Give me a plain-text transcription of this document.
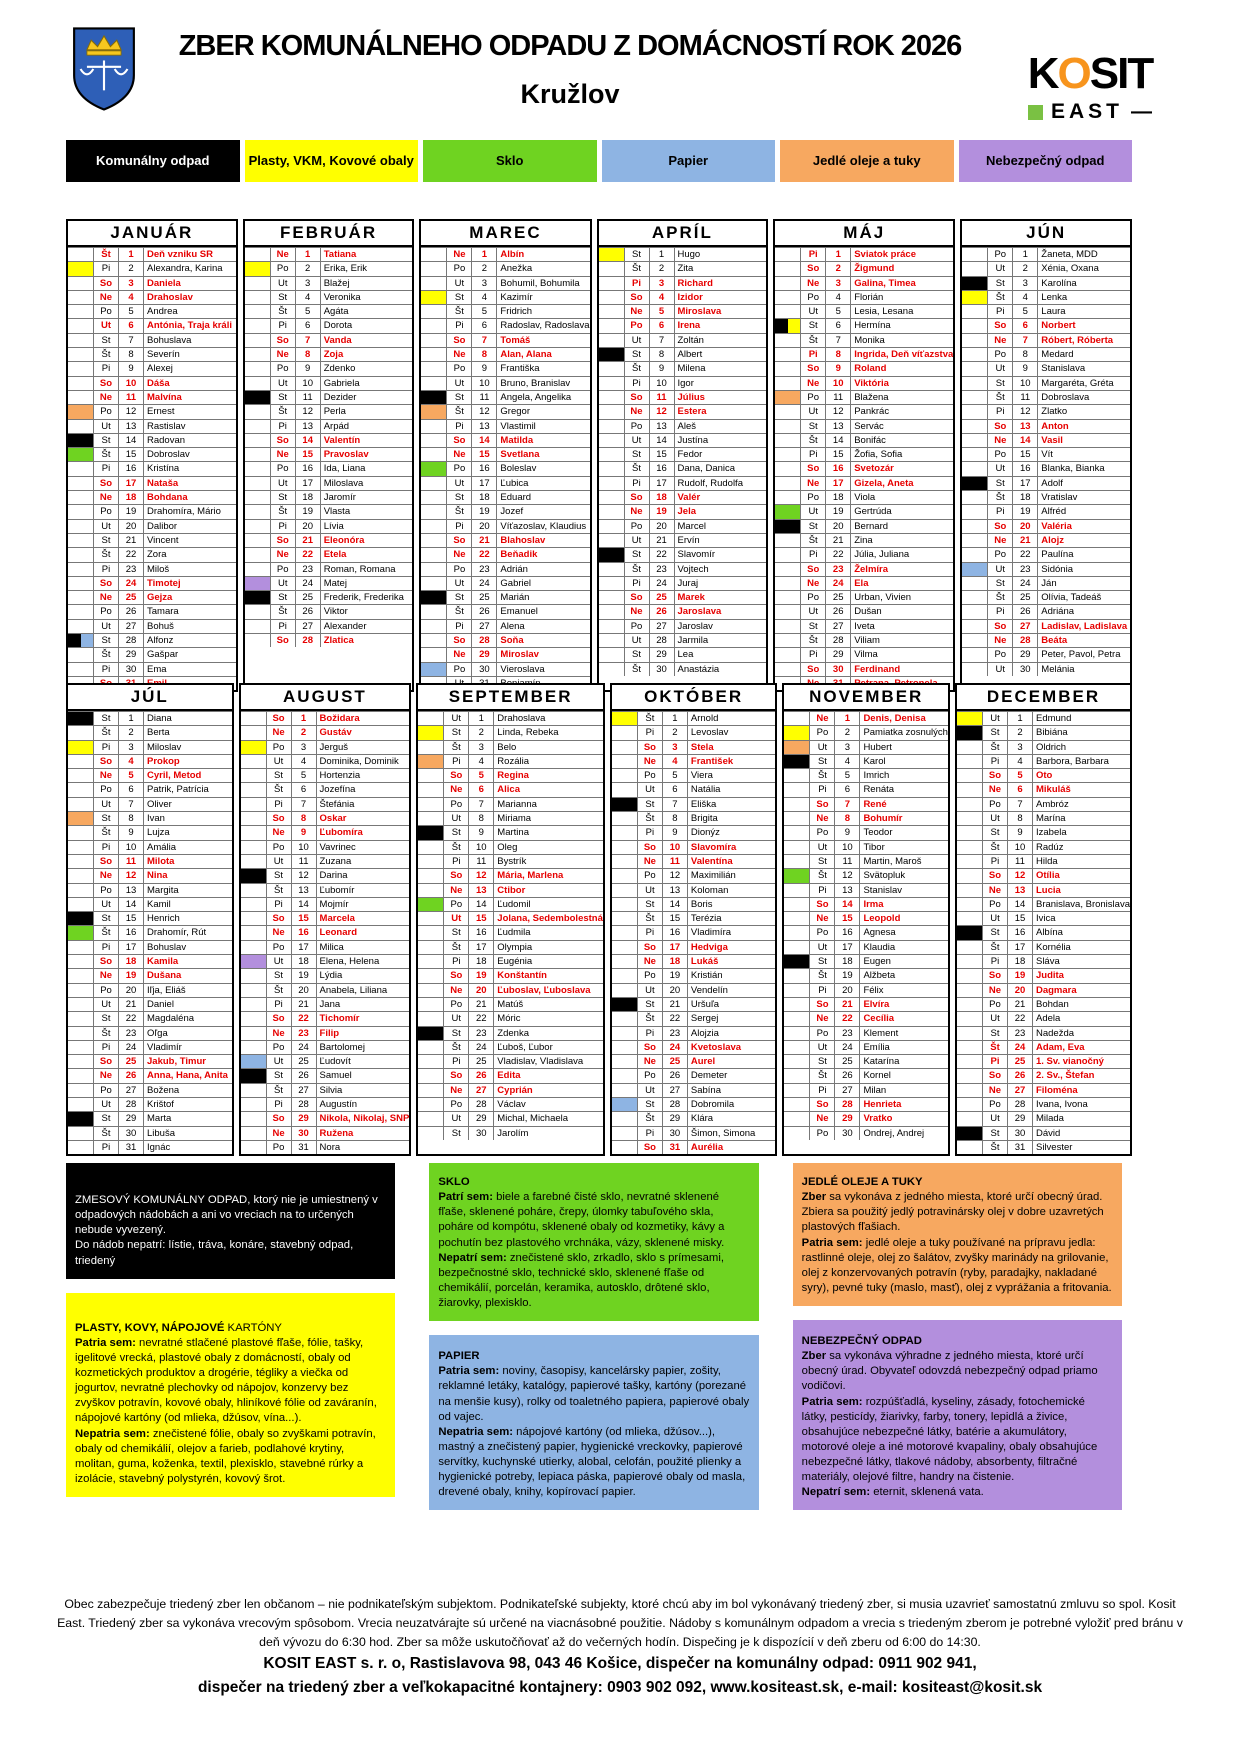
ZBER KOMUNÁLNEHO ODPADU Z DOMÁCNOSTÍ ROK 2026
Kružlov	KOSIT
EAST —
Komunálny odpad	Plasty, VKM, Kovové obaly	Sklo	Papier	Jedlé oleje a tuky	Nebezpečný odpad
JANUÁR
Št	1	Deň vzniku SR
Pi	2	Alexandra, Karina
So	3	Daniela
Ne	4	Drahoslav
Po	5	Andrea
Ut	6	Antónia, Traja králi
St	7	Bohuslava
Št	8	Severín
Pi	9	Alexej
So	10	Dáša
Ne	11	Malvína
Po	12	Ernest
Ut	13	Rastislav
St	14	Radovan
Št	15	Dobroslav
Pi	16	Kristína
So	17	Nataša
Ne	18	Bohdana
Po	19	Drahomíra, Mário
Ut	20	Dalibor
St	21	Vincent
Št	22	Zora
Pi	23	Miloš
So	24	Timotej
Ne	25	Gejza
Po	26	Tamara
Ut	27	Bohuš
St	28	Alfonz
Št	29	Gašpar
Pi	30	Ema
FEBRUÁR
Ne	1	Tatiana
Po	2	Erika, Erik
Ut	3	Blažej
St	4	Veronika
Št	5	Agáta
Pi	6	Dorota
So	7	Vanda
Ne	8	Zoja
Po	9	Zdenko
Ut	10	Gabriela
St	11	Dezider
Št	12	Perla
Pi	13	Arpád
So	14	Valentín
Ne	15	Pravoslav
Po	16	Ida, Liana
Ut	17	Miloslava
St	18	Jaromír
Št	19	Vlasta
Pi	20	Lívia
So	21	Eleonóra
Ne	22	Etela
Po	23	Roman, Romana
Ut	24	Matej
St	25	Frederik, Frederika
Št	26	Viktor
Pi	27	Alexander
So	28	Zlatica
MAREC
Ne	1	Albín
Po	2	Anežka
Ut	3	Bohumil, Bohumila
St	4	Kazimír
Št	5	Fridrich
Pi	6	Radoslav, Radoslava
So	7	Tomáš
Ne	8	Alan, Alana
Po	9	Františka
Ut	10	Bruno, Branislav
St	11	Angela, Angelika
Št	12	Gregor
Pi	13	Vlastimil
So	14	Matilda
Ne	15	Svetlana
Po	16	Boleslav
Ut	17	Ľubica
St	18	Eduard
Št	19	Jozef
Pi	20	Víťazoslav, Klaudius
So	21	Blahoslav
Ne	22	Beňadik
Po	23	Adrián
Ut	24	Gabriel
St	25	Marián
Št	26	Emanuel
Pi	27	Alena
So	28	Soňa
Ne	29	Miroslav
Po	30	Vieroslava
APRÍL
St	1	Hugo
Št	2	Zita
Pi	3	Richard
So	4	Izidor
Ne	5	Miroslava
Po	6	Irena
Ut	7	Zoltán
St	8	Albert
Št	9	Milena
Pi	10	Igor
So	11	Július
Ne	12	Estera
Po	13	Aleš
Ut	14	Justína
St	15	Fedor
Št	16	Dana, Danica
Pi	17	Rudolf, Rudolfa
So	18	Valér
Ne	19	Jela
Po	20	Marcel
Ut	21	Ervín
St	22	Slavomír
Št	23	Vojtech
Pi	24	Juraj
So	25	Marek
Ne	26	Jaroslava
Po	27	Jaroslav
Ut	28	Jarmila
St	29	Lea
Št	30	Anastázia
MÁJ
Pi	1	Sviatok práce
So	2	Žigmund
Ne	3	Galina, Timea
Po	4	Florián
Ut	5	Lesia, Lesana
St	6	Hermína
Št	7	Monika
Pi	8	Ingrida, Deň víťazstva
So	9	Roland
Ne	10	Viktória
Po	11	Blažena
Ut	12	Pankrác
St	13	Servác
Št	14	Bonifác
Pi	15	Žofia, Sofia
So	16	Svetozár
Ne	17	Gizela, Aneta
Po	18	Viola
Ut	19	Gertrúda
St	20	Bernard
Št	21	Zina
Pi	22	Júlia, Juliana
So	23	Želmíra
Ne	24	Ela
Po	25	Urban, Vivien
Ut	26	Dušan
St	27	Iveta
Št	28	Viliam
Pi	29	Vilma
So	30	Ferdinand
JÚN
Po	1	Žaneta, MDD
Ut	2	Xénia, Oxana
St	3	Karolína
Št	4	Lenka
Pi	5	Laura
So	6	Norbert
Ne	7	Róbert, Róberta
Po	8	Medard
Ut	9	Stanislava
St	10	Margaréta, Gréta
Št	11	Dobroslava
Pi	12	Zlatko
So	13	Anton
Ne	14	Vasil
Po	15	Vít
Ut	16	Blanka, Bianka
St	17	Adolf
Št	18	Vratislav
Pi	19	Alfréd
So	20	Valéria
Ne	21	Alojz
Po	22	Paulína
Ut	23	Sidónia
St	24	Ján
Št	25	Olívia, Tadeáš
Pi	26	Adriána
So	27	Ladislav, Ladislava
Ne	28	Beáta
Po	29	Peter, Pavol, Petra
Ut	30	Melánia
JÚL
St	1	Diana
Št	2	Berta
Pi	3	Miloslav
So	4	Prokop
Ne	5	Cyril, Metod
Po	6	Patrik, Patrícia
Ut	7	Oliver
St	8	Ivan
Št	9	Lujza
Pi	10	Amália
So	11	Milota
Ne	12	Nina
Po	13	Margita
Ut	14	Kamil
St	15	Henrich
Št	16	Drahomír, Rút
Pi	17	Bohuslav
So	18	Kamila
Ne	19	Dušana
Po	20	Iľja, Eliáš
Ut	21	Daniel
St	22	Magdaléna
Št	23	Oľga
Pi	24	Vladimír
So	25	Jakub, Timur
Ne	26	Anna, Hana, Anita
Po	27	Božena
Ut	28	Krištof
St	29	Marta
Št	30	Libuša
Pi	31	Ignác
AUGUST
So	1	Božidara
Ne	2	Gustáv
Po	3	Jerguš
Ut	4	Dominika, Dominik
St	5	Hortenzia
Št	6	Jozefína
Pi	7	Štefánia
So	8	Oskar
Ne	9	Ľubomíra
Po	10	Vavrinec
Ut	11	Zuzana
St	12	Darina
Št	13	Ľubomír
Pi	14	Mojmír
So	15	Marcela
Ne	16	Leonard
Po	17	Milica
Ut	18	Elena, Helena
St	19	Lýdia
Št	20	Anabela, Liliana
Pi	21	Jana
So	22	Tichomír
Ne	23	Filip
Po	24	Bartolomej
Ut	25	Ľudovít
St	26	Samuel
Št	27	Silvia
Pi	28	Augustín
So	29	Nikola, Nikolaj, SNP
Ne	30	Ružena
Po	31	Nora
SEPTEMBER
Ut	1	Drahoslava
St	2	Linda, Rebeka
Št	3	Belo
Pi	4	Rozália
So	5	Regina
Ne	6	Alica
Po	7	Marianna
Ut	8	Miriama
St	9	Martina
Št	10	Oleg
Pi	11	Bystrík
So	12	Mária, Marlena
Ne	13	Ctibor
Po	14	Ľudomil
Ut	15	Jolana, Sedembolestná
St	16	Ľudmila
Št	17	Olympia
Pi	18	Eugénia
So	19	Konštantín
Ne	20	Ľuboslav, Ľuboslava
Po	21	Matúš
Ut	22	Móric
St	23	Zdenka
Št	24	Ľuboš, Ľubor
Pi	25	Vladislav, Vladislava
So	26	Edita
Ne	27	Cyprián
Po	28	Václav
Ut	29	Michal, Michaela
St	30	Jarolím
OKTÓBER
Št	1	Arnold
Pi	2	Levoslav
So	3	Stela
Ne	4	František
Po	5	Viera
Ut	6	Natália
St	7	Eliška
Št	8	Brigita
Pi	9	Dionýz
So	10	Slavomíra
Ne	11	Valentína
Po	12	Maximilián
Ut	13	Koloman
St	14	Boris
Št	15	Terézia
Pi	16	Vladimíra
So	17	Hedviga
Ne	18	Lukáš
Po	19	Kristián
Ut	20	Vendelín
St	21	Uršuľa
Št	22	Sergej
Pi	23	Alojzia
So	24	Kvetoslava
Ne	25	Aurel
Po	26	Demeter
Ut	27	Sabína
St	28	Dobromila
Št	29	Klára
Pi	30	Šimon, Simona
So	31	Aurélia
NOVEMBER
Ne	1	Denis, Denisa
Po	2	Pamiatka zosnulých
Ut	3	Hubert
St	4	Karol
Št	5	Imrich
Pi	6	Renáta
So	7	René
Ne	8	Bohumír
Po	9	Teodor
Ut	10	Tibor
St	11	Martin, Maroš
Št	12	Svätopluk
Pi	13	Stanislav
So	14	Irma
Ne	15	Leopold
Po	16	Agnesa
Ut	17	Klaudia
St	18	Eugen
Št	19	Alžbeta
Pi	20	Félix
So	21	Elvíra
Ne	22	Cecília
Po	23	Klement
Ut	24	Emília
St	25	Katarína
Št	26	Kornel
Pi	27	Milan
So	28	Henrieta
Ne	29	Vratko
Po	30	Ondrej, Andrej
DECEMBER
Ut	1	Edmund
St	2	Bibiána
Št	3	Oldrich
Pi	4	Barbora, Barbara
So	5	Oto
Ne	6	Mikuláš
Po	7	Ambróz
Ut	8	Marína
St	9	Izabela
Št	10	Radúz
Pi	11	Hilda
So	12	Otília
Ne	13	Lucia
Po	14	Branislava, Bronislava
Ut	15	Ivica
St	16	Albína
Št	17	Kornélia
Pi	18	Sláva
So	19	Judita
Ne	20	Dagmara
Po	21	Bohdan
Ut	22	Adela
St	23	Nadežda
Št	24	Adam, Eva
Pi	25	1. Sv. vianočný
So	26	2. Sv., Štefan
Ne	27	Filoména
Po	28	Ivana, Ivona
Ut	29	Milada
St	30	Dávid
Št	31	Silvester

ZMESOVÝ KOMUNÁLNY ODPAD, ktorý nie je umiestnený v odpadových nádobách a ani vo vreciach na to určených nebude vyvezený.

Do nádob nepatrí: lístie, tráva, konáre, stavebný odpad, triedený

PLASTY, KOVY, NÁPOJOVÉ KARTÓNY

Patria sem: nevratné stlačené plastové fľaše, fólie, tašky, igelitové vrecká, plastové obaly z domácností, obaly od kozmetických produktov a drogérie, tégliky a viečka od jogurtov, nevratné plechovky od nápojov, konzervy bez zvyškov potravín, kovové obaly, hliníkové fólie od zaváranín, nápojové kartóny (od mlieka, džúsov, vína...).

Nepatria sem: znečistené fólie, obaly so zvyškami potravín, obaly od chemikálií, olejov a farieb, podlahové krytiny, molitan, guma, koženka, textil, plexisklo, stavebné rúrky a izolácie, stavebný polystyrén, kovový šrot.

SKLO

Patrí sem: biele a farebné čisté sklo, nevratné sklenené fľaše, sklenené poháre, črepy, úlomky tabuľového skla, poháre od kompótu, sklenené obaly od kozmetiky, kávy a pochutín bez plastového vrchnáka, vázy, sklenené misky.

Nepatrí sem: znečistené sklo, zrkadlo, sklo s prímesami, bezpečnostné sklo, technické sklo, sklenené fľaše od chemikálií, porcelán, keramika, autosklo, drôtené sklo, žiarovky, plexisklo.

PAPIER

Patria sem: noviny, časopisy, kancelársky papier, zošity, reklamné letáky, katalógy, papierové tašky, kartóny (porezané na menšie kusy), rolky od toaletného papiera, papierové obaly od vajec.

Nepatria sem: nápojové kartóny (od mlieka, džúsov...), mastný a znečistený papier, hygienické vreckovky, papierové servítky, kuchynské utierky, alobal, celofán, použité plienky a hygienické potreby, lepiaca páska, papierové obaly od masla, drevené obaly, knihy, kopírovací papier.

JEDLÉ OLEJE A TUKY

Zber sa vykonáva z jedného miesta, ktoré určí obecný úrad. Zbiera sa použitý jedlý potravinársky olej v dobre uzavretých plastových fľašiach.

Patria sem: jedlé oleje a tuky používané na prípravu jedla: rastlinné oleje, olej zo šalátov, zvyšky marinády na grilovanie, olej z konzervovaných potravín (ryby, paradajky, nakladané syry), pevné tuky (maslo, masť), olej z vyprážania a fritovania.

NEBEZPEČNÝ ODPAD

Zber sa vykonáva výhradne z jedného miesta, ktoré určí obecný úrad. Obyvateľ odovzdá nebezpečný odpad priamo vodičovi.

Patria sem: rozpúšťadlá, kyseliny, zásady, fotochemické látky, pesticídy, žiarivky, farby, tonery, lepidlá a živice, obsahujúce nebezpečné látky, batérie a akumulátory, motorové oleje a iné motorové kvapaliny, obaly obsahujúce nebezpečné látky, tlakové nádoby, absorbenty, filtračné materiály, olejové filtre, handry na čistenie.

Nepatrí sem: eternit, sklenená vata.

Obec zabezpečuje triedený zber len občanom – nie podnikateľským subjektom. Podnikateľské subjekty, ktoré chcú aby im bol vykonávaný triedený zber, si musia uzavrieť samostatnú zmluvu so spol. Kosit East. Triedený zber sa vykonáva vrecovým spôsobom. Vrecia neuzatvárajte sú určené na viacnásobné použitie. Nádoby s komunálnym odpadom a vrecia s triedeným zberom je potrebné vyložiť pred bránu v deň vývozu do 6:30 hod. Zber sa môže uskutočňovať až do večerných hodín. Dispečing je k dispozícií v deň zberu od 6:00 do 14:30.
KOSIT EAST s. r. o, Rastislavova 98, 043 46 Košice, dispečer na komunálny odpad: 0911 902 941,
dispečer na triedený zber a veľkokapacitné kontajnery: 0903 902 092, www.kositeast.sk, e-mail: kositeast@kosit.sk
